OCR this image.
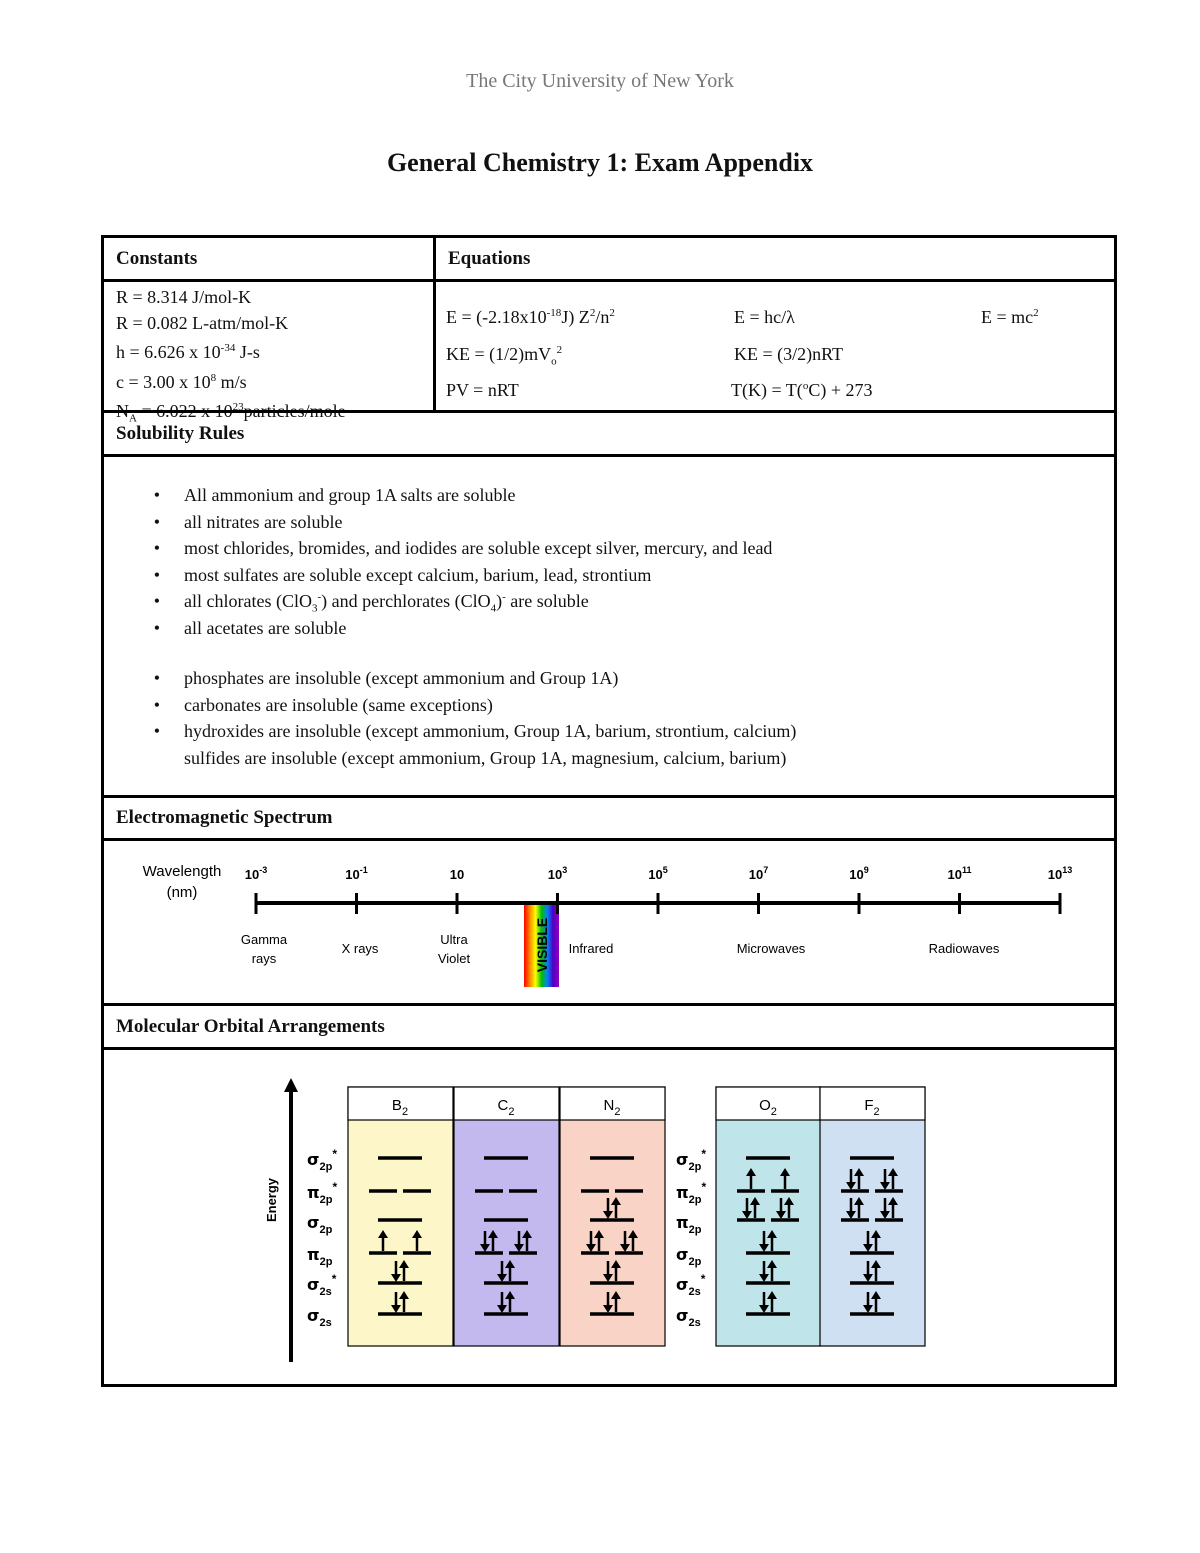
The City University of New York
General Chemistry 1: Exam Appendix
Constants	Equations
R = 8.314 J/mol-K
R = 0.082 L-atm/mol-K
h = 6.626 x $10^{-34}$ J-s
c = 3.00 x $10^8$ m/s
$N_A = 6.022$ x $10^{23}particles$/mole
$E = (-2.18x10^{-18}J)$ $Z^2/n^2$	E = hc/λ	$E = mc^2$
KE = $(1/2)mV_o^2$	KE = (3/2)nRT
PV = nRT	T(K) = T($^o$C) + 273
Solubility Rules
•	All ammonium and group 1A salts are soluble
•	all nitrates are soluble
•	most chlorides, bromides, and iodides are soluble except silver, mercury, and lead
•	most sulfates are soluble except calcium, barium, lead, strontium
•	all chlorates (ClO$_3$-) and perchlorates (ClO$_4$)- are soluble
•	all acetates are soluble
•	phosphates are insoluble (except ammonium and Group 1A)
•	carbonates are insoluble (same exceptions)
•	hydroxides are insoluble (except ammonium, Group 1A, barium, strontium, calcium)
sulfides are insoluble (except ammonium, Group 1A, magnesium, calcium, barium)
Electromagnetic Spectrum
Wavelength
(nm)
VISIBLE
$10^{-3}$	$10^{-1}$	10	$10^3$	$10^5$	$10^7$	$10^9$	$10^{11}$	$10^{13}$
Gamma
rays
X rays
Ultra
Violet
Infrared	Microwaves	Radiowaves
Molecular Orbital Arrangements
Energy
$\sigma_{2p}^*$
$\pi_{2p}^*$
$\sigma_{2p}$
$\pi_{2p}$
$\sigma_{2s}^*$
$\sigma_{2s}$
$\sigma_{2p}^*$
$\pi_{2p}^*$
$\pi_{2p}$
$\sigma_{2p}$
$\sigma_{2s}^*$
$\sigma_{2s}$
$B_2$	$C_2$	$N_2$	$O_2$	$F_2$
